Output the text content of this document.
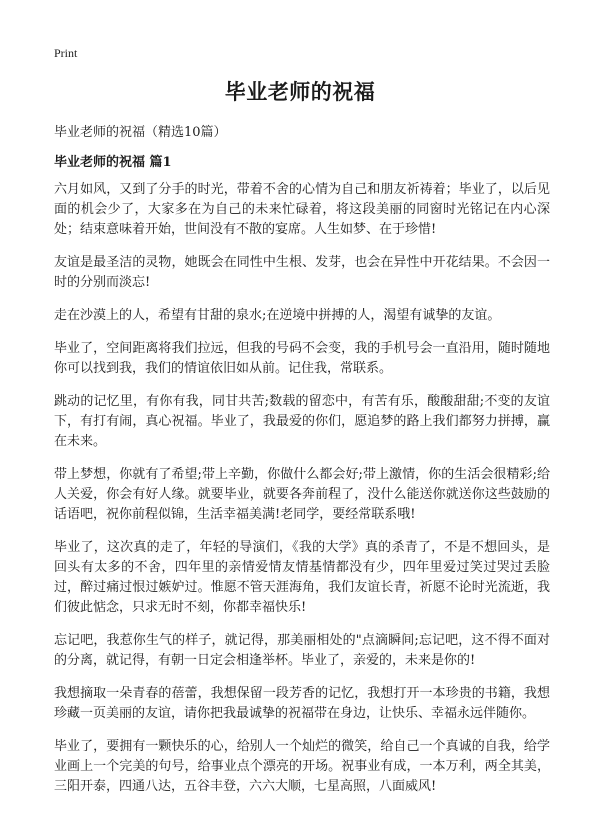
Print
毕业老师的祝福

毕业老师的祝福（精选10篇）

毕业老师的祝福 篇1

六月如风，又到了分手的时光，带着不舍的心情为自己和朋友祈祷着；毕业了，以后见面的机会少了，大家多在为自己的未来忙碌着，将这段美丽的同窗时光铭记在内心深处；结束意味着开始，世间没有不散的宴席。人生如梦、在于珍惜!

友谊是最圣洁的灵物，她既会在同性中生根、发芽，也会在异性中开花结果。不会因一时的分别而淡忘!

走在沙漠上的人，希望有甘甜的泉水;在逆境中拼搏的人，渴望有诚挚的友谊。

毕业了，空间距离将我们拉远，但我的号码不会变，我的手机号会一直沿用，随时随地你可以找到我，我们的情谊依旧如从前。记住我，常联系。

跳动的记忆里，有你有我，同甘共苦;数载的留恋中，有苦有乐，酸酸甜甜;不变的友谊下，有打有闹，真心祝福。毕业了，我最爱的你们，愿追梦的路上我们都努力拼搏，赢在未来。

带上梦想，你就有了希望;带上辛勤，你做什么都会好;带上激情，你的生活会很精彩;给人关爱，你会有好人缘。就要毕业，就要各奔前程了，没什么能送你就送你这些鼓励的话语吧，祝你前程似锦，生活幸福美满!老同学，要经常联系哦!

毕业了，这次真的走了，年轻的导演们，《我的大学》真的杀青了，不是不想回头，是回头有太多的不舍，四年里的亲情爱情友情基情都没有少，四年里爱过笑过哭过丢脸过，醉过痛过恨过嫉妒过。惟愿不管天涯海角，我们友谊长青，祈愿不论时光流逝，我们彼此惦念，只求无时不刻，你都幸福快乐!

忘记吧，我惹你生气的样子，就记得，那美丽相处的"点滴瞬间;忘记吧，这不得不面对的分离，就记得，有朝一日定会相逢举杯。毕业了，亲爱的，未来是你的!

我想摘取一朵青春的蓓蕾，我想保留一段芳香的记忆，我想打开一本珍贵的书籍，我想珍藏一页美丽的友谊，请你把我最诚挚的祝福带在身边，让快乐、幸福永远伴随你。

毕业了，要拥有一颗快乐的心，给别人一个灿烂的微笑，给自己一个真诚的自我，给学业画上一个完美的句号，给事业点个漂亮的开场。祝事业有成，一本万利，两全其美，三阳开泰，四通八达，五谷丰登，六六大顺，七星高照，八面威风!
